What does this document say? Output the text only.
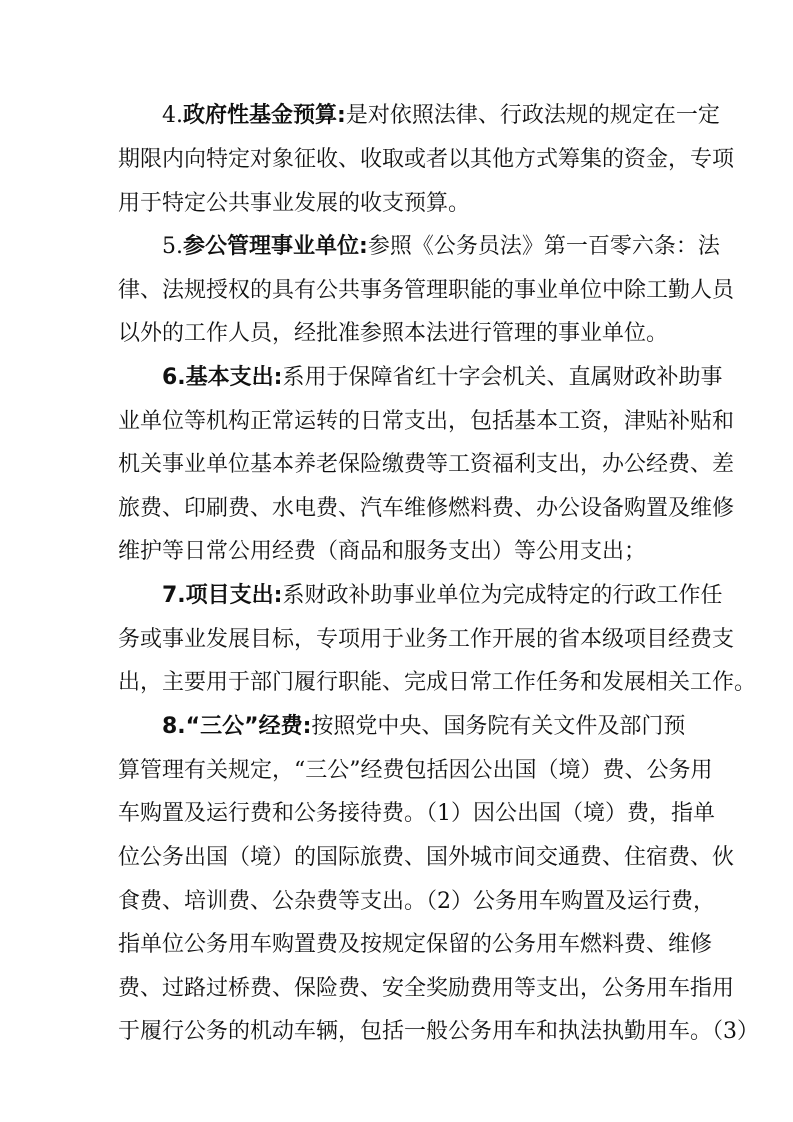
4.政府性基金预算:是对依照法律、行政法规的规定在一定
期限内向特定对象征收、收取或者以其他方式筹集的资金，专项
用于特定公共事业发展的收支预算。
5.参公管理事业单位:参照《公务员法》第一百零六条：法
律、法规授权的具有公共事务管理职能的事业单位中除工勤人员
以外的工作人员，经批准参照本法进行管理的事业单位。
6.基本支出:系用于保障省红十字会机关、直属财政补助事
业单位等机构正常运转的日常支出，包括基本工资，津贴补贴和
机关事业单位基本养老保险缴费等工资福利支出，办公经费、差
旅费、印刷费、水电费、汽车维修燃料费、办公设备购置及维修
维护等日常公用经费（商品和服务支出）等公用支出；
7.项目支出:系财政补助事业单位为完成特定的行政工作任
务或事业发展目标，专项用于业务工作开展的省本级项目经费支
出，主要用于部门履行职能、完成日常工作任务和发展相关工作。
8.“三公”经费:按照党中央、国务院有关文件及部门预
算管理有关规定，“三公”经费包括因公出国（境）费、公务用
车购置及运行费和公务接待费。（1）因公出国（境）费，指单
位公务出国（境）的国际旅费、国外城市间交通费、住宿费、伙
食费、培训费、公杂费等支出。（2）公务用车购置及运行费，
指单位公务用车购置费及按规定保留的公务用车燃料费、维修
费、过路过桥费、保险费、安全奖励费用等支出，公务用车指用
于履行公务的机动车辆，包括一般公务用车和执法执勤用车。（3）
